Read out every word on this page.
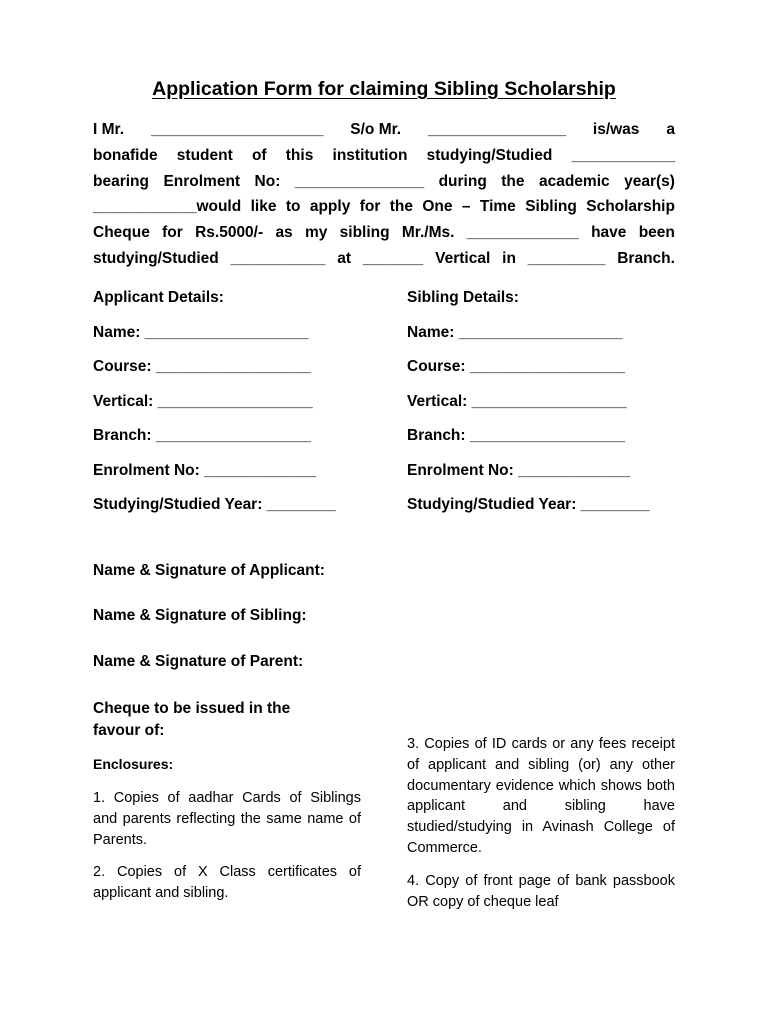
Application Form for claiming Sibling Scholarship
I Mr. ____________________ S/o Mr. ________________ is/was a
bonafide student of this institution studying/Studied ____________
bearing Enrolment No: _______________ during the academic year(s)
____________would like to apply for the One – Time Sibling Scholarship
Cheque for Rs.5000/- as my sibling Mr./Ms. _____________ have been
studying/Studied ___________ at _______ Vertical in _________ Branch.
Applicant Details:
Name: ___________________
Course: __________________
Vertical: __________________
Branch: __________________
Enrolment No: _____________
Studying/Studied Year: ________
Sibling Details:
Name: ___________________
Course: __________________
Vertical: __________________
Branch: __________________
Enrolment No: _____________
Studying/Studied Year: ________
Name & Signature of Applicant:
Name & Signature of Sibling:
Name & Signature of Parent:
Cheque to be issued in the favour of:
Enclosures:
1. Copies of aadhar Cards of Siblings and parents reflecting the same name of Parents.
2. Copies of X Class certificates of applicant and sibling.
3. Copies of ID cards or any fees receipt of applicant and sibling (or) any other documentary evidence which shows both applicant and sibling have studied/studying in Avinash College of Commerce.
4. Copy of front page of bank passbook OR copy of cheque leaf
